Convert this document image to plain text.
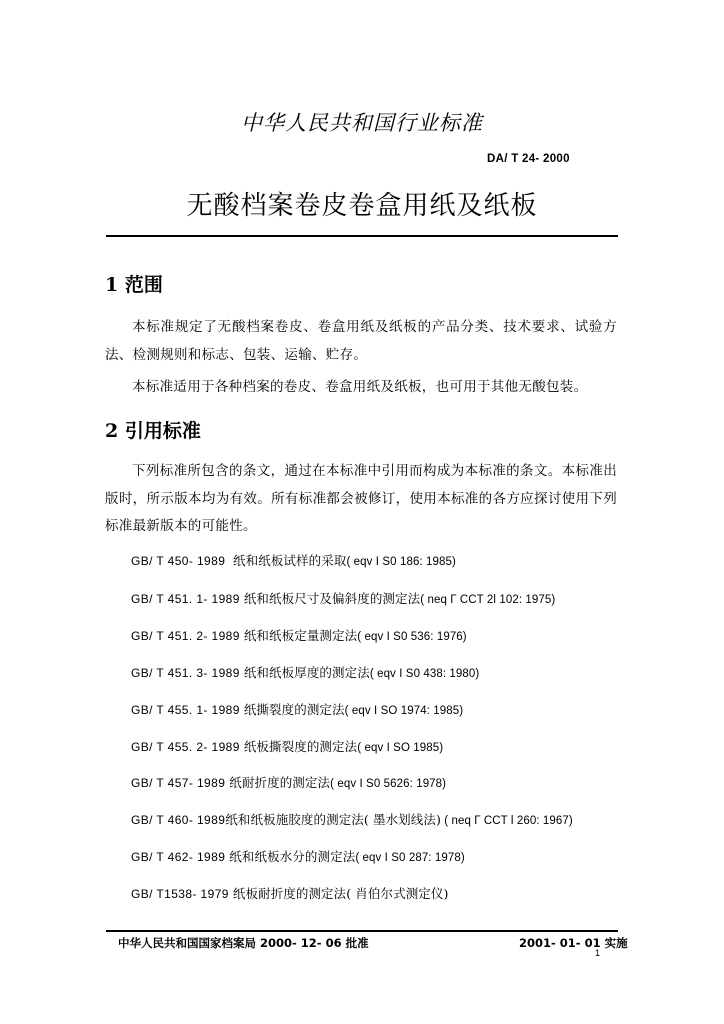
中华人民共和国行业标准
DA/ T 24- 2000
无酸档案卷皮卷盒用纸及纸板
1 范围
本标准规定了无酸档案卷皮、卷盒用纸及纸板的产品分类、技术要求、试验方法、检测规则和标志、包装、运输、贮存。
本标准适用于各种档案的卷皮、卷盒用纸及纸板，也可用于其他无酸包装。
2 引用标准
下列标准所包含的条文，通过在本标准中引用而构成为本标准的条文。本标准出版时，所示版本均为有效。所有标准都会被修订，使用本标准的各方应探讨使用下列标准最新版本的可能性。
GB/ T 450- 1989 纸和纸板试样的采取( eqv I S0 186: 1985)
GB/ T 451. 1- 1989 纸和纸板尺寸及偏斜度的测定法( neq Г CCT 2l 102: 1975)
GB/ T 451. 2- 1989 纸和纸板定量测定法( eqv I S0 536: 1976)
GB/ T 451. 3- 1989 纸和纸板厚度的测定法( eqv I S0 438: 1980)
GB/ T 455. 1- 1989 纸撕裂度的测定法( eqv I SO 1974: 1985)
GB/ T 455. 2- 1989 纸板撕裂度的测定法( eqv I SO 1985)
GB/ T 457- 1989 纸耐折度的测定法( eqv I S0 5626: 1978)
GB/ T 460- 1989纸和纸板施胶度的测定法( 墨水划线法) ( neq Г CCT l 260: 1967)
GB/ T 462- 1989 纸和纸板水分的测定法( eqv I S0 287: 1978)
GB/ T1538- 1979 纸板耐折度的测定法( 肖伯尔式测定仪)
中华人民共和国国家档案局 2000- 12- 06 批准	2001- 01- 01 实施
1
